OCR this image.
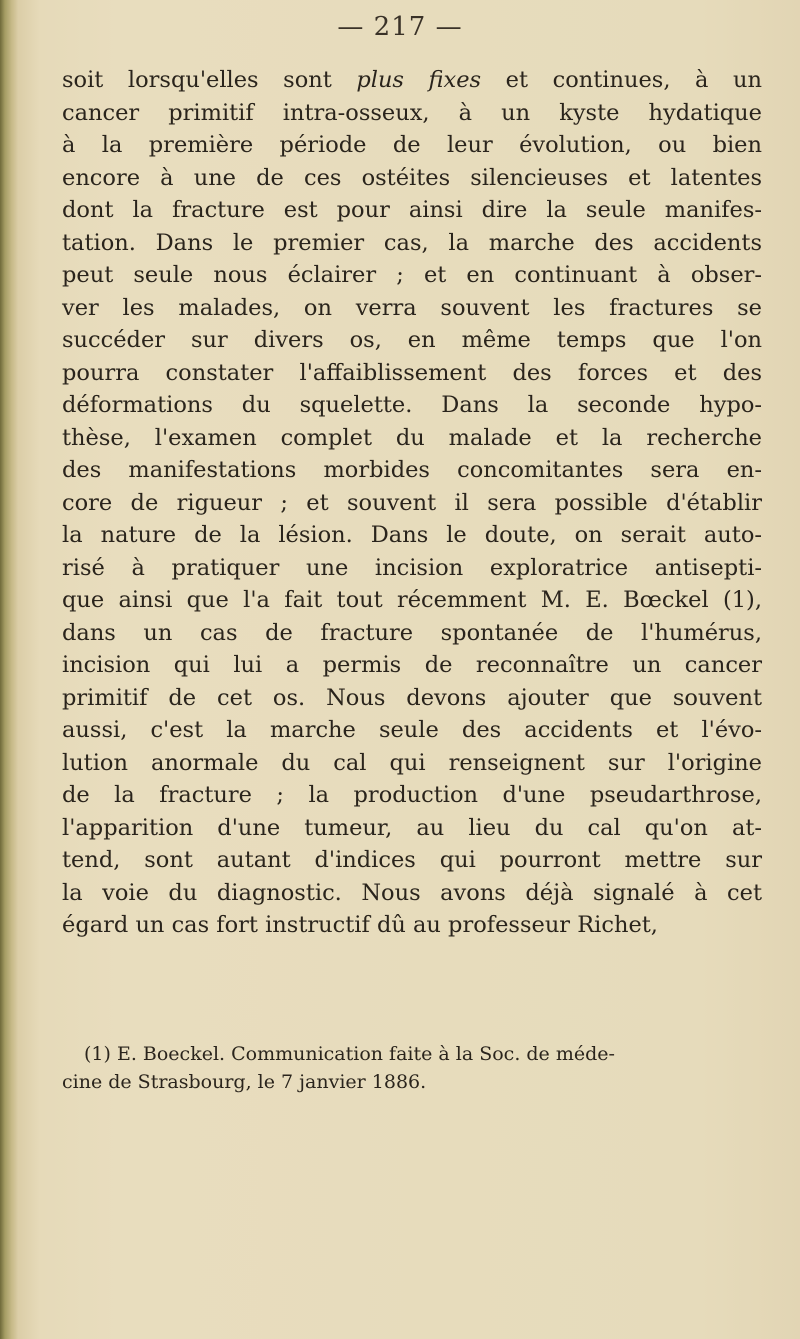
— 217 —
soit lorsqu'elles sont plus fixes et continues, à un
cancer primitif intra-osseux, à un kyste hydatique
à la première période de leur évolution, ou bien
encore à une de ces ostéites silencieuses et latentes
dont la fracture est pour ainsi dire la seule manifes-
tation. Dans le premier cas, la marche des accidents
peut seule nous éclairer ; et en continuant à obser-
ver les malades, on verra souvent les fractures se
succéder sur divers os, en même temps que l'on
pourra constater l'affaiblissement des forces et des
déformations du squelette. Dans la seconde hypo-
thèse, l'examen complet du malade et la recherche
des manifestations morbides concomitantes sera en-
core de rigueur ; et souvent il sera possible d'établir
la nature de la lésion. Dans le doute, on serait auto-
risé à pratiquer une incision exploratrice antisepti-
que ainsi que l'a fait tout récemment M. E. Bœckel (1),
dans un cas de fracture spontanée de l'humérus,
incision qui lui a permis de reconnaître un cancer
primitif de cet os. Nous devons ajouter que souvent
aussi, c'est la marche seule des accidents et l'évo-
lution anormale du cal qui renseignent sur l'origine
de la fracture ; la production d'une pseudarthrose,
l'apparition d'une tumeur, au lieu du cal qu'on at-
tend, sont autant d'indices qui pourront mettre sur
la voie du diagnostic. Nous avons déjà signalé à cet
égard un cas fort instructif dû au professeur Richet,
(1) E. Boeckel. Communication faite à la Soc. de méde-
cine de Strasbourg, le 7 janvier 1886.
